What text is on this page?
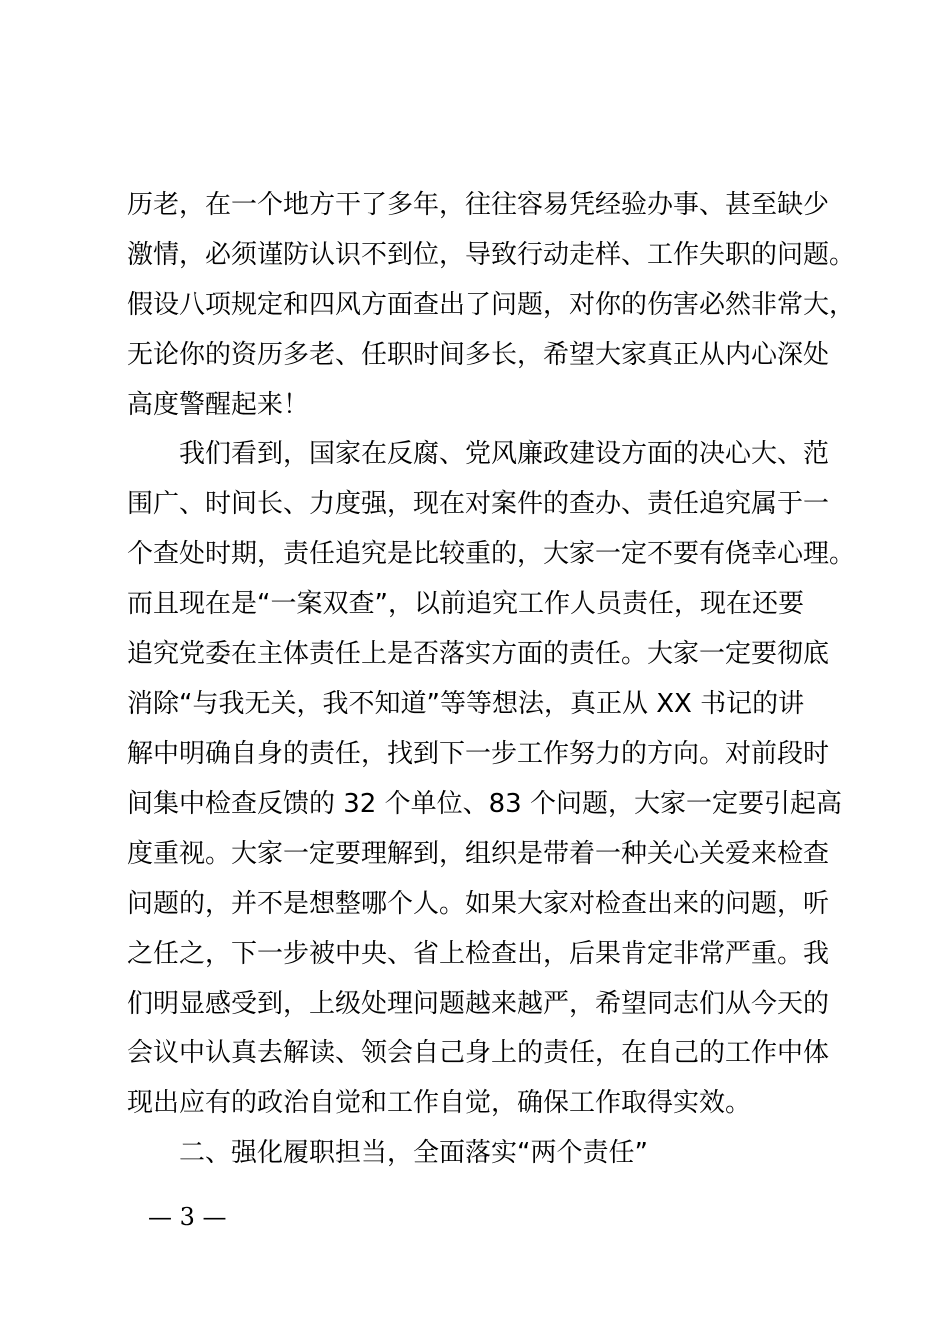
历老，在一个地方干了多年，往往容易凭经验办事、甚至缺少
激情，必须谨防认识不到位，导致行动走样、工作失职的问题。
假设八项规定和四风方面查出了问题，对你的伤害必然非常大，
无论你的资历多老、任职时间多长，希望大家真正从内心深处
高度警醒起来！
　　我们看到，国家在反腐、党风廉政建设方面的决心大、范
围广、时间长、力度强，现在对案件的查办、责任追究属于一
个查处时期，责任追究是比较重的，大家一定不要有侥幸心理。
而且现在是“一案双查”，以前追究工作人员责任，现在还要
追究党委在主体责任上是否落实方面的责任。大家一定要彻底
消除“与我无关，我不知道”等等想法，真正从 XX 书记的讲
解中明确自身的责任，找到下一步工作努力的方向。对前段时
间集中检查反馈的 32 个单位、83 个问题，大家一定要引起高
度重视。大家一定要理解到，组织是带着一种关心关爱来检查
问题的，并不是想整哪个人。如果大家对检查出来的问题，听
之任之，下一步被中央、省上检查出，后果肯定非常严重。我
们明显感受到，上级处理问题越来越严，希望同志们从今天的
会议中认真去解读、领会自己身上的责任，在自己的工作中体
现出应有的政治自觉和工作自觉，确保工作取得实效。
　　二、强化履职担当，全面落实“两个责任”
— 3 —
